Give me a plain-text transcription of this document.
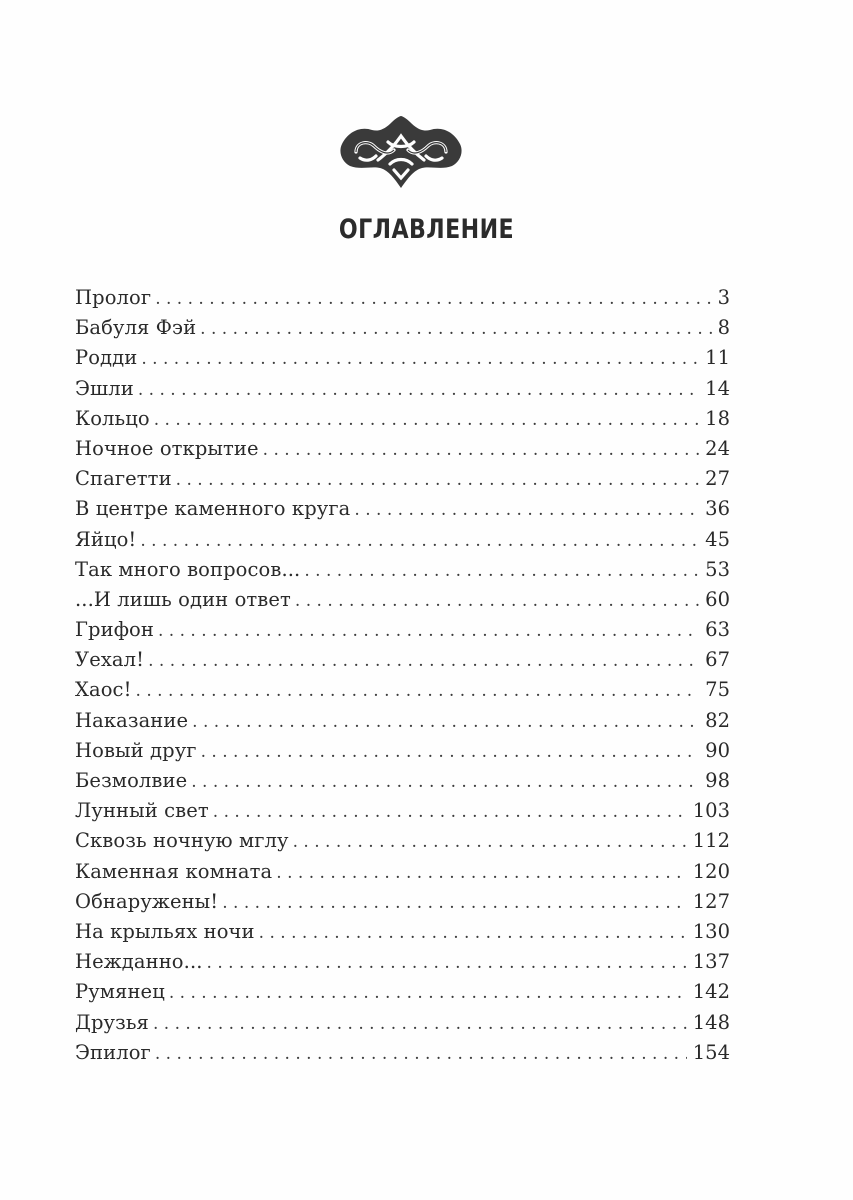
ОГЛАВЛЕНИЕ
Пролог . . .	3
Бабуля Фэй . . .	8
Родди . . .	11
Эшли . . .	14
Кольцо . . .	18
Ночное открытие . . .	24
Спагетти . . .	27
В центре каменного круга . . .	36
Яйцо! . . .	45
Так много вопросов... . . .	53
...И лишь один ответ . . .	60
Грифон . . .	63
Уехал! . . .	67
Хаос! . . .	75
Наказание . . .	82
Новый друг . . .	90
Безмолвие . . .	98
Лунный свет . . .	103
Сквозь ночную мглу . . .	112
Каменная комната . . .	120
Обнаружены! . . .	127
На крыльях ночи . . .	130
Нежданно... . . .	137
Румянец . . .	142
Друзья . . .	148
Эпилог . . .	154
